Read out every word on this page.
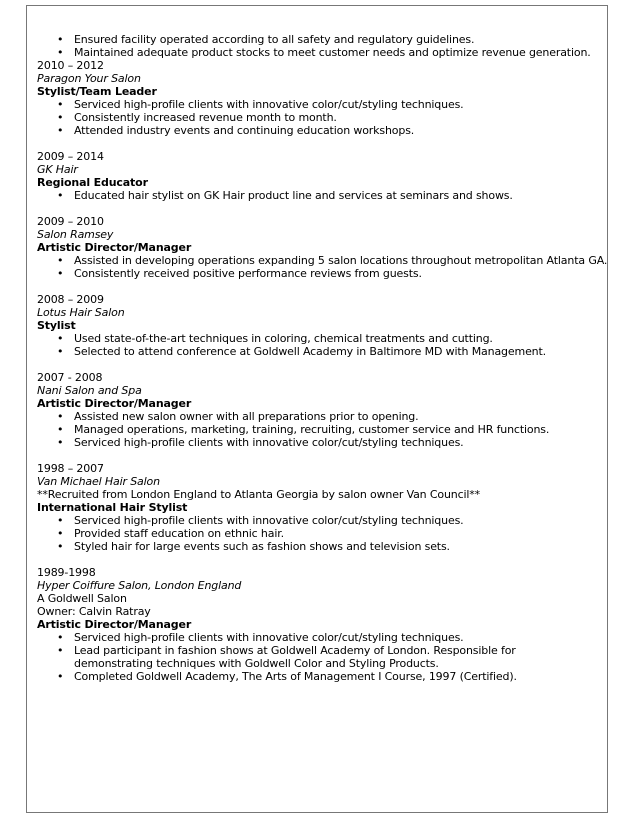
• Ensured facility operated according to all safety and regulatory guidelines.
• Maintained adequate product stocks to meet customer needs and optimize revenue generation.
2010 – 2012
Paragon Your Salon
Stylist/Team Leader
• Serviced high-profile clients with innovative color/cut/styling techniques.
• Consistently increased revenue month to month.
• Attended industry events and continuing education workshops.
2009 – 2014
GK Hair
Regional Educator
• Educated hair stylist on GK Hair product line and services at seminars and shows.
2009 – 2010
Salon Ramsey
Artistic Director/Manager
• Assisted in developing operations expanding 5 salon locations throughout metropolitan Atlanta GA.
• Consistently received positive performance reviews from guests.
2008 – 2009
Lotus Hair Salon
Stylist
• Used state-of-the-art techniques in coloring, chemical treatments and cutting.
• Selected to attend conference at Goldwell Academy in Baltimore MD with Management.
2007 - 2008
Nani Salon and Spa
Artistic Director/Manager
• Assisted new salon owner with all preparations prior to opening.
• Managed operations, marketing, training, recruiting, customer service and HR functions.
• Serviced high-profile clients with innovative color/cut/styling techniques.
1998 – 2007
Van Michael Hair Salon
**Recruited from London England to Atlanta Georgia by salon owner Van Council**
International Hair Stylist
• Serviced high-profile clients with innovative color/cut/styling techniques.
• Provided staff education on ethnic hair.
• Styled hair for large events such as fashion shows and television sets.
1989-1998
Hyper Coiffure Salon, London England
A Goldwell Salon
Owner: Calvin Ratray
Artistic Director/Manager
• Serviced high-profile clients with innovative color/cut/styling techniques.
• Lead participant in fashion shows at Goldwell Academy of London. Responsible for demonstrating techniques with Goldwell Color and Styling Products.
• Completed Goldwell Academy, The Arts of Management I Course, 1997 (Certified).
